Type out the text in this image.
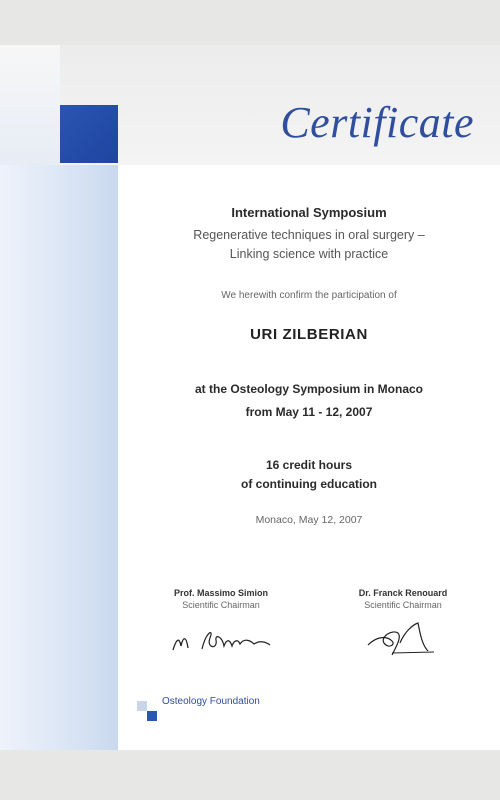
Certificate
International Symposium
Regenerative techniques in oral surgery –
Linking science with practice
We herewith confirm the participation of
URI ZILBERIAN
at the Osteology Symposium in Monaco
from May 11 - 12, 2007
16 credit hours
of continuing education
Monaco, May 12, 2007
Prof. Massimo Simion
Scientific Chairman
Dr. Franck Renouard
Scientific Chairman
Osteology Foundation
